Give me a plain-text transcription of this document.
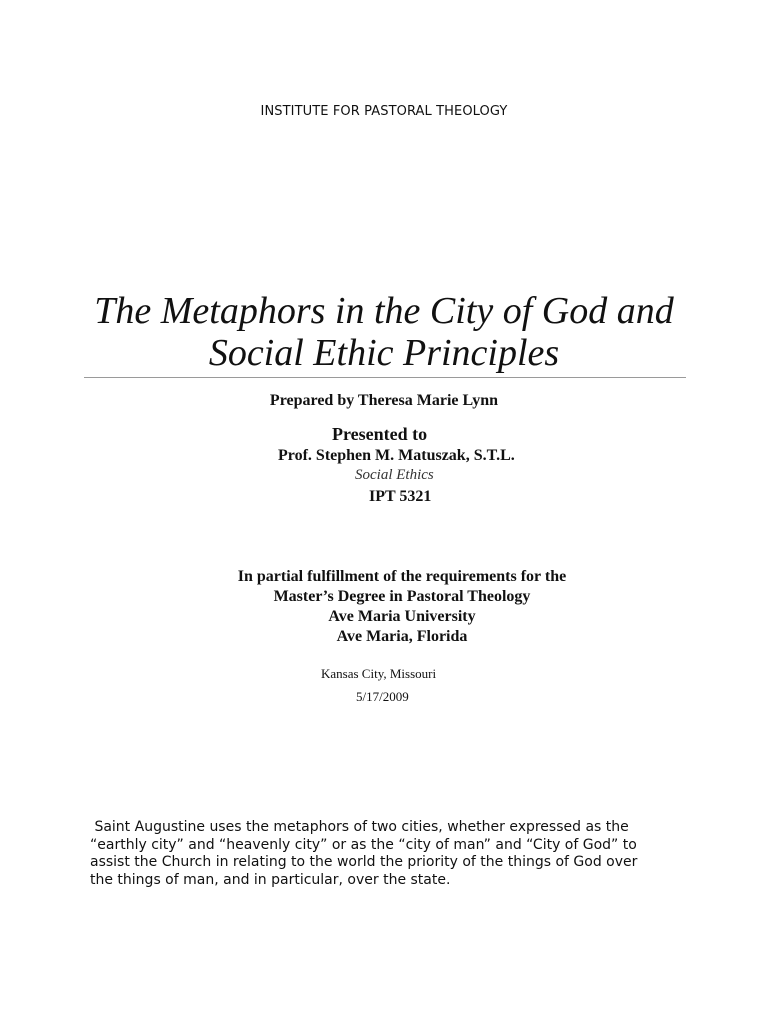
INSTITUTE FOR PASTORAL THEOLOGY

The Metaphors in the City of God and
Social Ethic Principles

Prepared by Theresa Marie Lynn

Presented to

Prof. Stephen M. Matuszak, S.T.L.

Social Ethics

IPT 5321

In partial fulfillment of the requirements for the

Master’s Degree in Pastoral Theology

Ave Maria University

Ave Maria, Florida

Kansas City, Missouri

5/17/2009

Saint Augustine uses the metaphors of two cities, whether expressed as the
“earthly city” and “heavenly city” or as the “city of man” and “City of God” to
assist the Church in relating to the world the priority of the things of God over
the things of man, and in particular, over the state.
